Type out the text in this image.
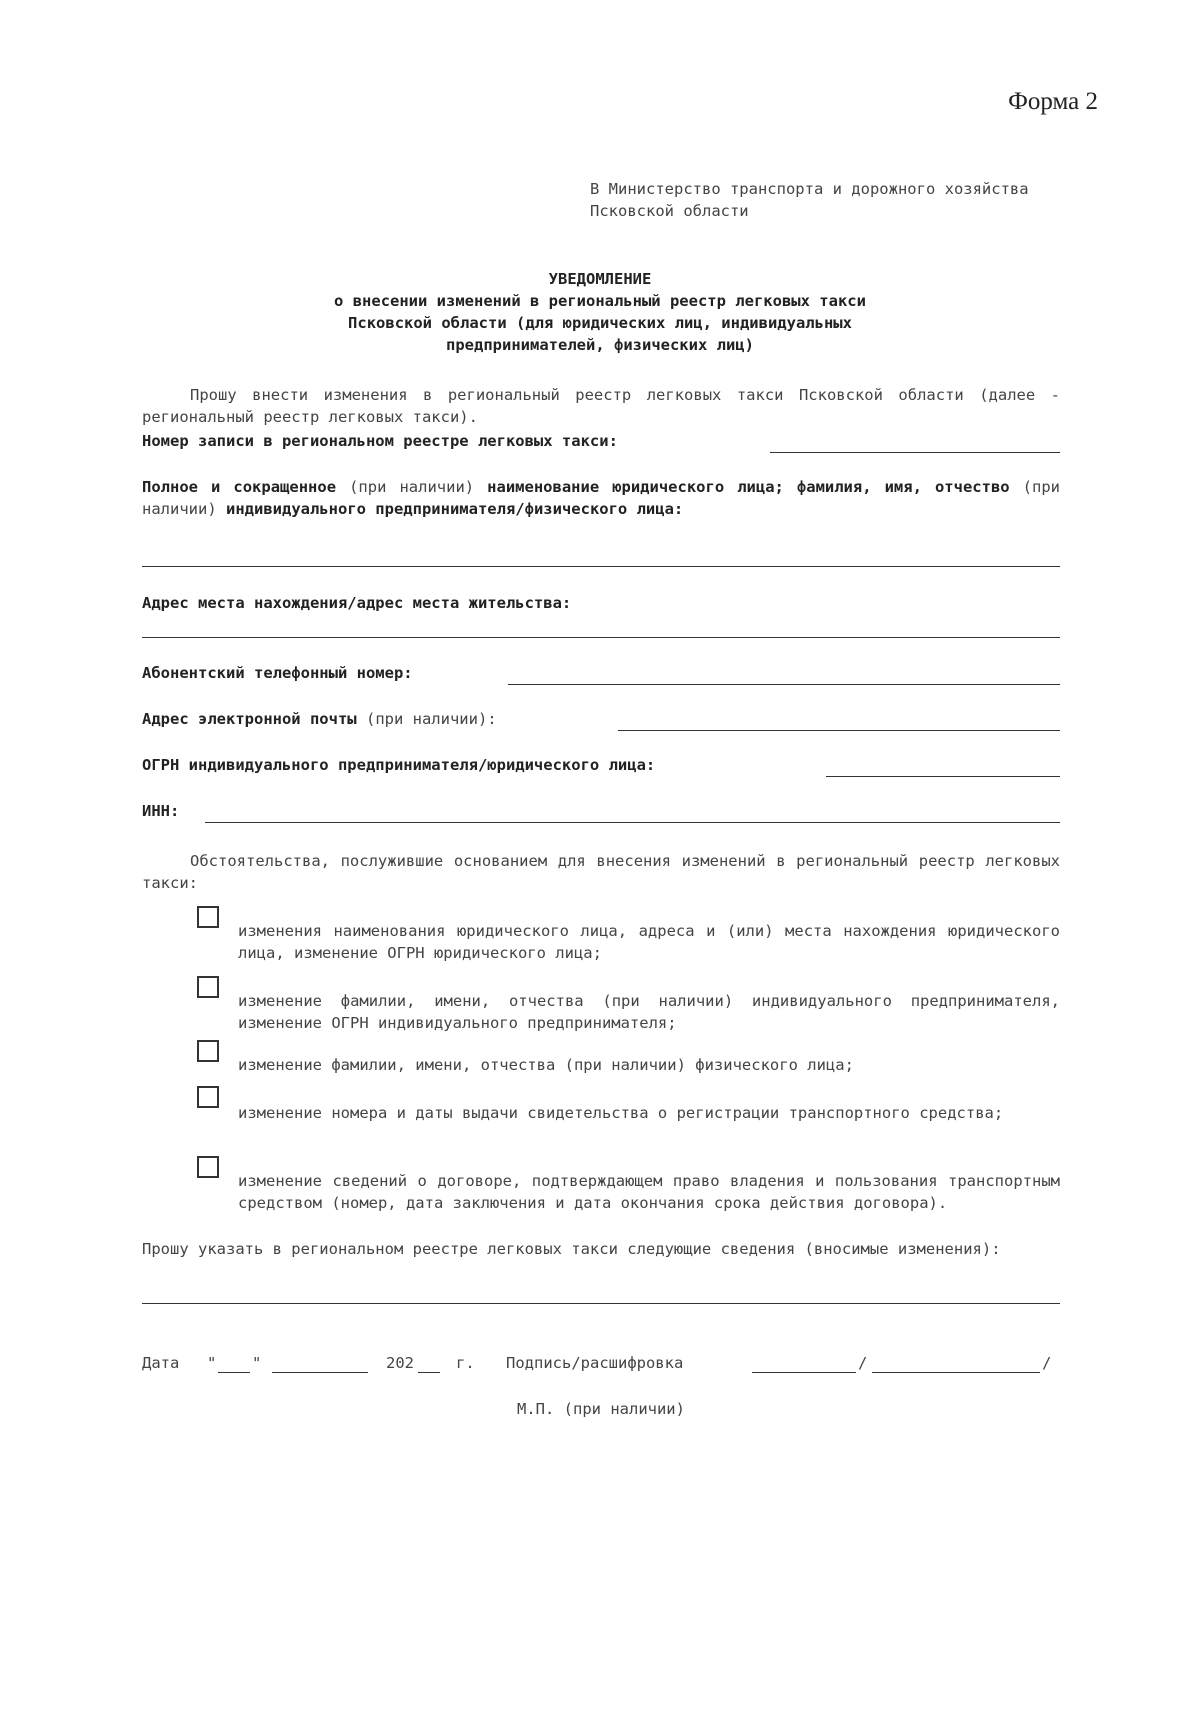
Форма 2
В Министерство транспорта и дорожного хозяйства Псковской области
УВЕДОМЛЕНИЕ
о внесении изменений в региональный реестр легковых такси
Псковской области (для юридических лиц, индивидуальных
предпринимателей, физических лиц)
Прошу внести изменения в региональный реестр легковых такси Псковской области (далее - региональный реестр легковых такси).
Номер записи в региональном реестре легковых такси:
Полное и сокращенное (при наличии) наименование юридического лица; фамилия, имя, отчество (при наличии) индивидуального предпринимателя/физического лица:
Адрес места нахождения/адрес места жительства:
Абонентский телефонный номер:
Адрес электронной почты (при наличии):
ОГРН индивидуального предпринимателя/юридического лица:
ИНН:
Обстоятельства, послужившие основанием для внесения изменений в региональный реестр легковых такси:
изменения наименования юридического лица, адреса и (или) места нахождения юридического лица, изменение ОГРН юридического лица;
изменение фамилии, имени, отчества (при наличии) индивидуального предпринимателя, изменение ОГРН индивидуального предпринимателя;
изменение фамилии, имени, отчества (при наличии) физического лица;
изменение номера и даты выдачи свидетельства о регистрации транспортного средства;
изменение сведений о договоре, подтверждающем право владения и пользования транспортным средством (номер, дата заключения и дата окончания срока действия договора).
Прошу указать в региональном реестре легковых такси следующие сведения (вносимые изменения):
Дата " "	202	г. Подпись/расшифровка	/	/
М.П. (при наличии)
